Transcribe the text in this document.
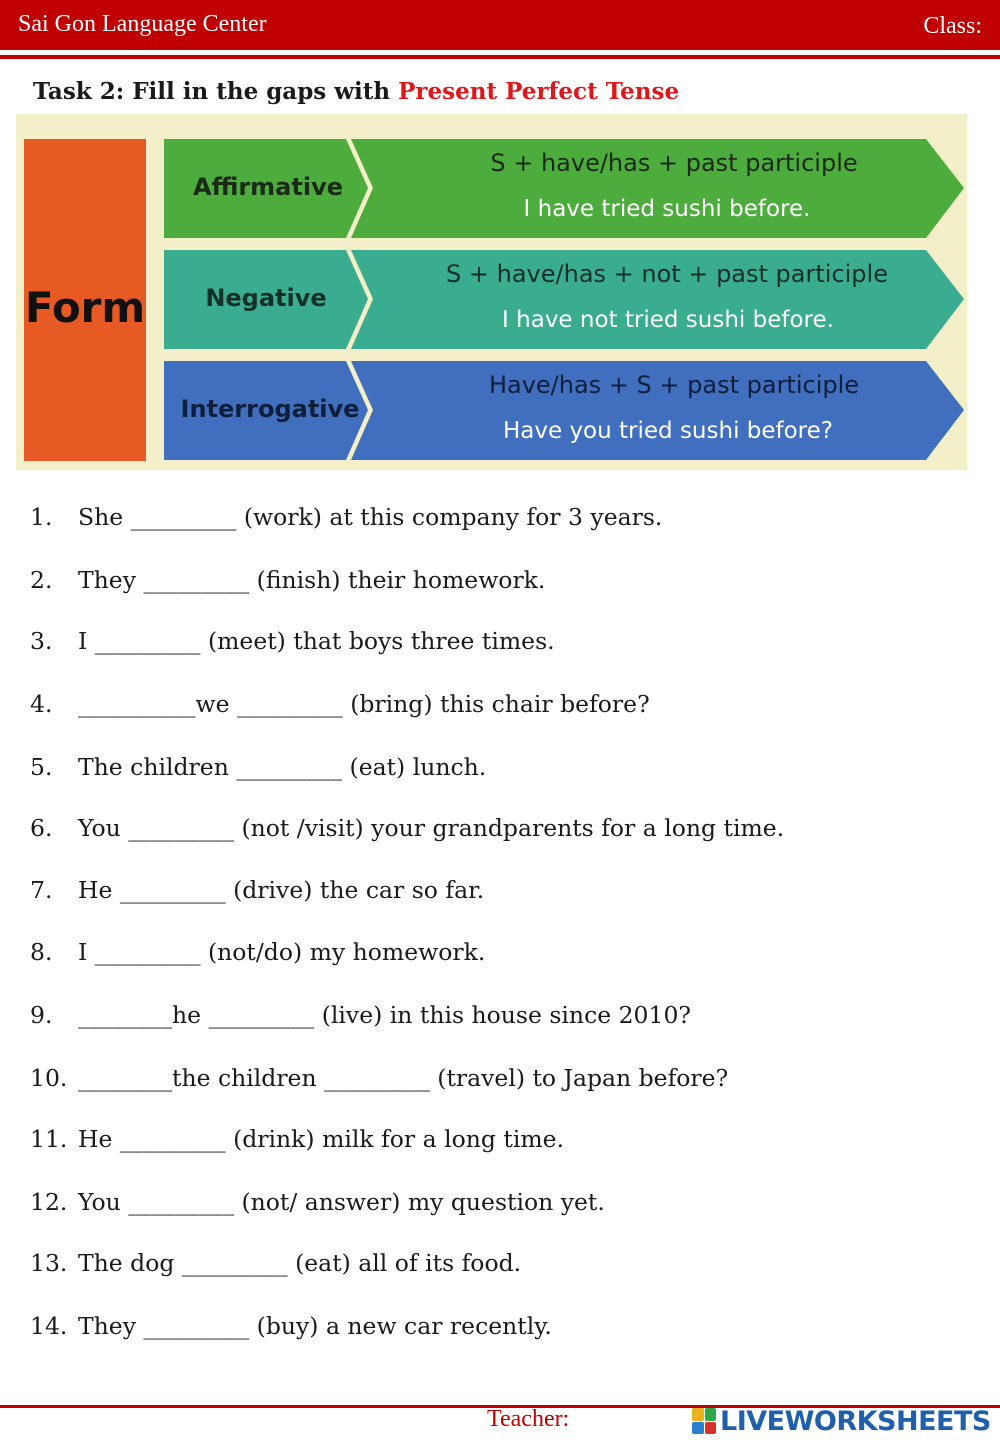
Sai Gon Language Center	Class:
Task 2: Fill in the gaps with Present Perfect Tense
Form
Affirmative
S + have/has + past participle
I have tried sushi before.
Negative
S + have/has + not + past participle
I have not tried sushi before.
Interrogative
Have/has + S + past participle
Have you tried sushi before?
1. She _________ (work) at this company for 3 years.
2. They _________ (finish) their homework.
3. I _________ (meet) that boys three times.
4. __________we _________ (bring) this chair before?
5. The children _________ (eat) lunch.
6. You _________ (not /visit) your grandparents for a long time.
7. He _________ (drive) the car so far.
8. I _________ (not/do) my homework.
9. ________he _________ (live) in this house since 2010?
10. ________the children _________ (travel) to Japan before?
11. He _________ (drink) milk for a long time.
12. You _________ (not/ answer) my question yet.
13. The dog _________ (eat) all of its food.
14. They _________ (buy) a new car recently.
Teacher:	LIVEWORKSHEETS
